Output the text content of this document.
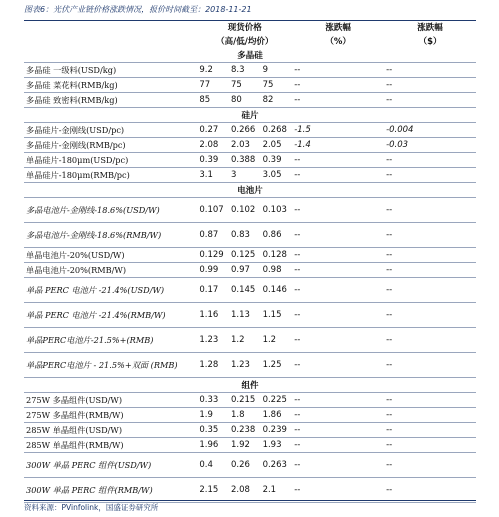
图表6：光伏产业链价格涨跌情况，报价时间截至：2018-11-21
	现货价格			涨跌幅	涨跌幅
	（高/低/均价）			（%）	（$）
多晶硅					
多晶硅 一级料(USD/kg)	9.2	8.3	9	--	--
多晶硅 菜花料(RMB/kg)	77	75	75	--	--
多晶硅 致密料(RMB/kg)	85	80	82	--	--
硅片					
多晶硅片-金刚线(USD/pc)	0.27	0.266	0.268	-1.5	-0.004
多晶硅片-金刚线(RMB/pc)	2.08	2.03	2.05	-1.4	-0.03
单晶硅片-180μm(USD/pc)	0.39	0.388	0.39	--	--
单晶硅片-180μm(RMB/pc)	3.1	3	3.05	--	--
电池片					
多晶电池片-金刚线-18.6%(USD/W)	0.107	0.102	0.103	--	--
多晶电池片-金刚线-18.6%(RMB/W)	0.87	0.83	0.86	--	--
单晶电池片-20%(USD/W)	0.129	0.125	0.128	--	--
单晶电池片-20%(RMB/W)	0.99	0.97	0.98	--	--
单晶 PERC 电池片 -21.4%(USD/W)	0.17	0.145	0.146	--	--
单晶 PERC 电池片 -21.4%(RMB/W)	1.16	1.13	1.15	--	--
单晶PERC电池片-21.5%+(RMB)	1.23	1.2	1.2	--	--
单晶PERC电池片 - 21.5%+双面 (RMB)	1.28	1.23	1.25	--	--
组件					
275W 多晶组件(USD/W)	0.33	0.215	0.225	--	--
275W 多晶组件(RMB/W)	1.9	1.8	1.86	--	--
285W 单晶组件(USD/W)	0.35	0.238	0.239	--	--
285W 单晶组件(RMB/W)	1.96	1.92	1.93	--	--
300W 单晶 PERC 组件(USD/W)	0.4	0.26	0.263	--	--
300W 单晶 PERC 组件(RMB/W)	2.15	2.08	2.1	--	--
资料来源：PVinfolink，国盛证券研究所
